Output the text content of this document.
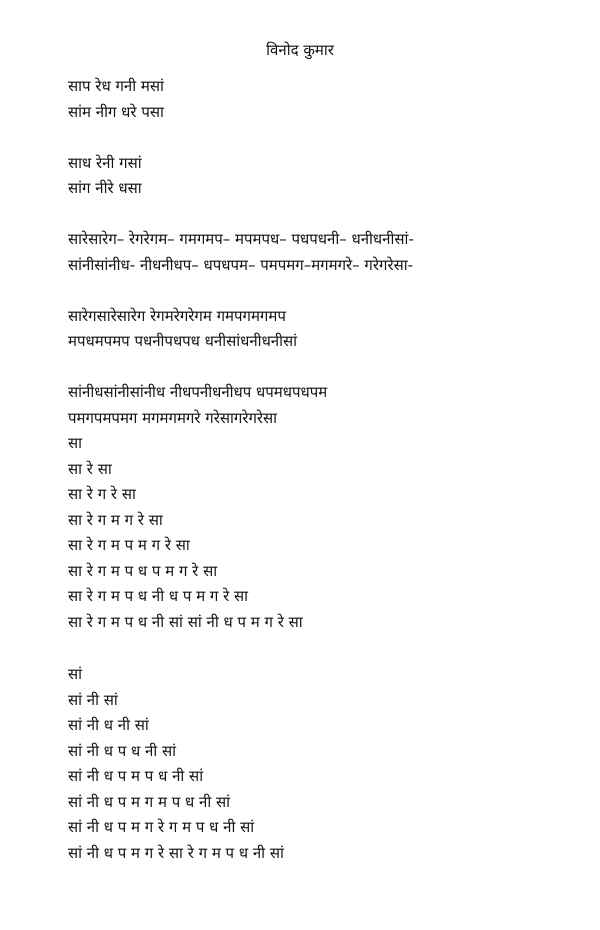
विनोद कुमार
साप रेध गनी मसां
सांम नीग धरे पसा
साध रेनी गसां
सांग नीरे धसा
सारेसारेग– रेगरेगम– गमगमप– मपमपध– पधपधनी– धनीधनीसां-
सांनीसांनीध- नीधनीधप– धपधपम– पमपमग–मगमगरे– गरेगरेसा-
सारेगसारेसारेग रेगमरेगरेगम गमपगमगमप
मपधमपमप पधनीपधपध धनीसांधनीधनीसां
सांनीधसांनीसांनीध नीधपनीधनीधप धपमधपधपम
पमगपमपमग मगमगमगरे गरेसागरेगरेसा
सा
सा रे सा
सा रे ग रे सा
सा रे ग म ग रे सा
सा रे ग म प म ग रे सा
सा रे ग म प ध प म ग रे सा
सा रे ग म प ध नी ध प म ग रे सा
सा रे ग म प ध नी सां सां नी ध प म ग रे सा
सां
सां नी सां
सां नी ध नी सां
सां नी ध प ध नी सां
सां नी ध प म प ध नी सां
सां नी ध प म ग म प ध नी सां
सां नी ध प म ग रे ग म प ध नी सां
सां नी ध प म ग रे सा रे ग म प ध नी सां
